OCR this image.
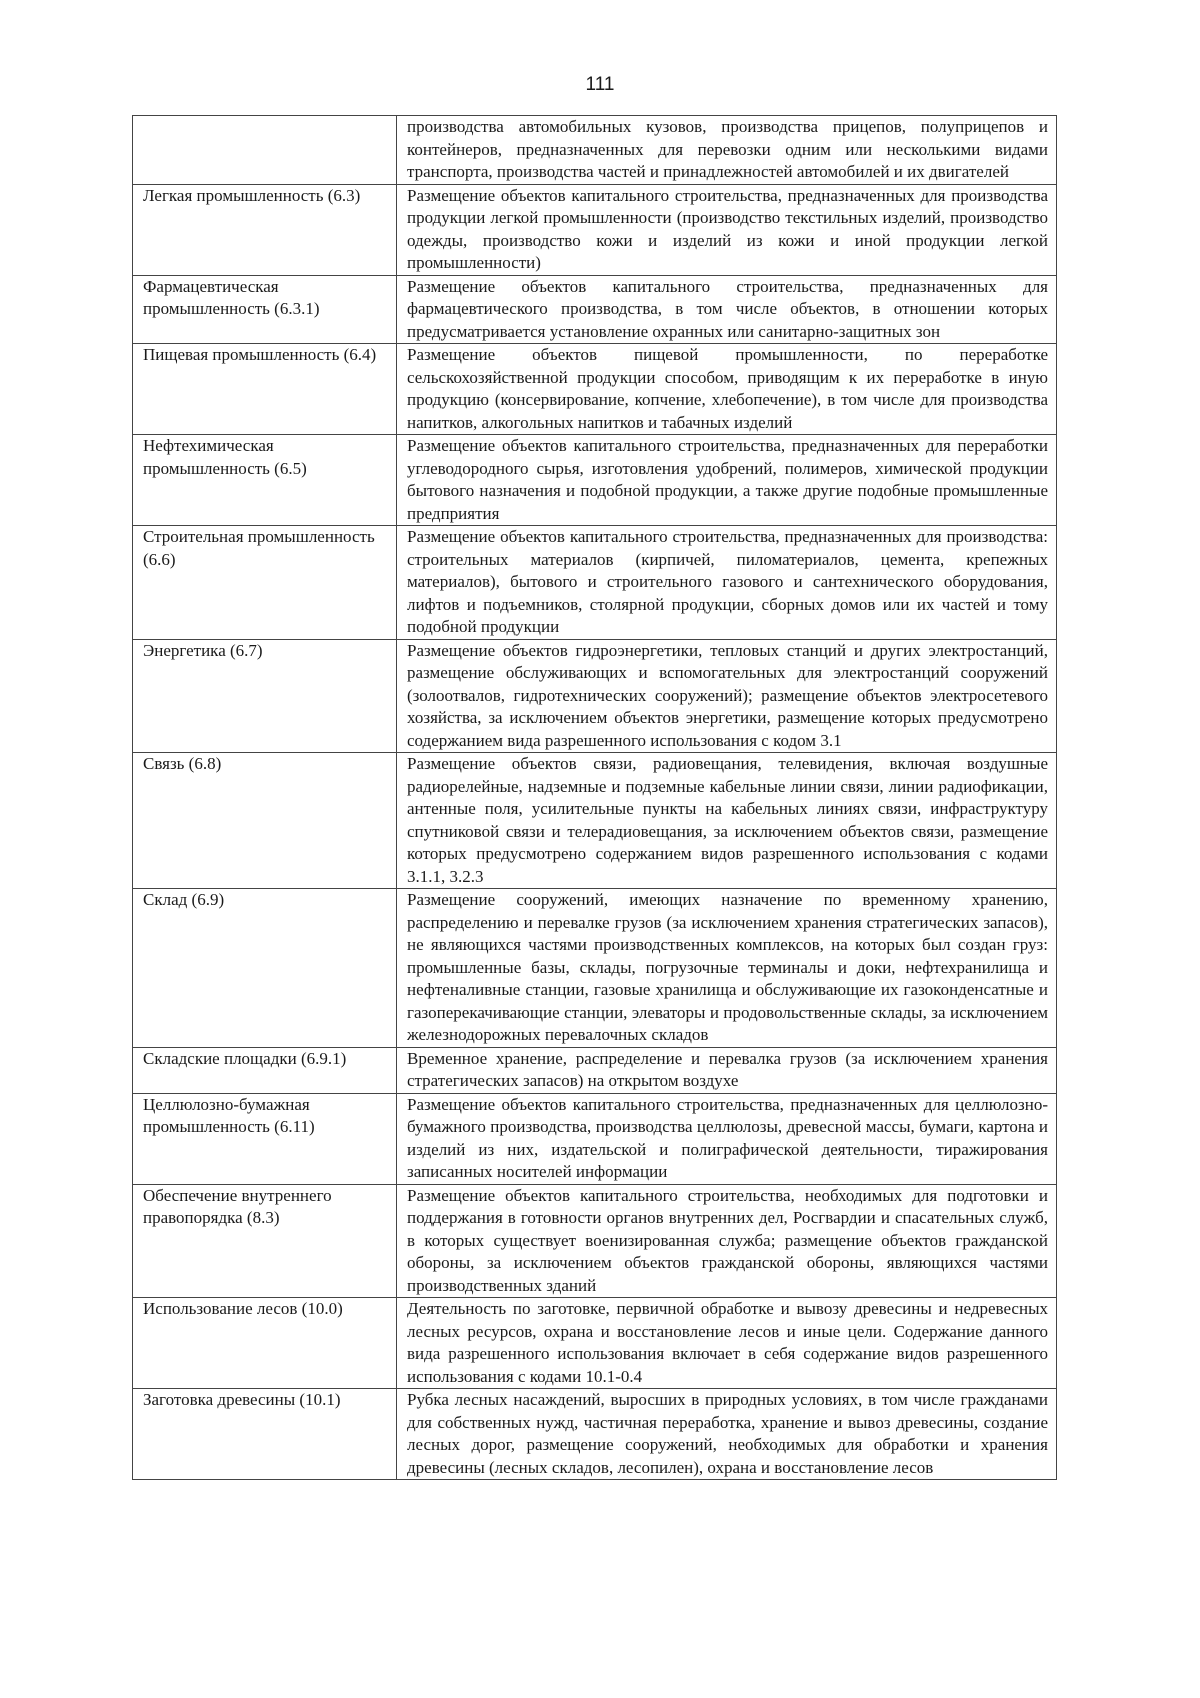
111
	производства автомобильных кузовов, производства прицепов, полуприцепов и контейнеров, предназначенных для перевозки одним или несколькими видами транспорта, производства частей и принадлежностей автомобилей и их двигателей
Легкая промышленность (6.3)	Размещение объектов капитального строительства, предназначенных для производства продукции легкой промышленности (производство текстильных изделий, производство одежды, производство кожи и изделий из кожи и иной продукции легкой промышленности)
Фармацевтическая промышленность (6.3.1)	Размещение объектов капитального строительства, предназначенных для фармацевтического производства, в том числе объектов, в отношении которых предусматривается установление охранных или санитарно-защитных зон
Пищевая промышленность (6.4)	Размещение объектов пищевой промышленности, по переработке сельскохозяйственной продукции способом, приводящим к их переработке в иную продукцию (консервирование, копчение, хлебопечение), в том числе для производства напитков, алкогольных напитков и табачных изделий
Нефтехимическая промышленность (6.5)	Размещение объектов капитального строительства, предназначенных для переработки углеводородного сырья, изготовления удобрений, полимеров, химической продукции бытового назначения и подобной продукции, а также другие подобные промышленные предприятия
Строительная промышленность (6.6)	Размещение объектов капитального строительства, предназначенных для производства: строительных материалов (кирпичей, пиломатериалов, цемента, крепежных материалов), бытового и строительного газового и сантехнического оборудования, лифтов и подъемников, столярной продукции, сборных домов или их частей и тому подобной продукции
Энергетика (6.7)	Размещение объектов гидроэнергетики, тепловых станций и других электростанций, размещение обслуживающих и вспомогательных для электростанций сооружений (золоотвалов, гидротехнических сооружений); размещение объектов электросетевого хозяйства, за исключением объектов энергетики, размещение которых предусмотрено содержанием вида разрешенного использования с кодом 3.1
Связь (6.8)	Размещение объектов связи, радиовещания, телевидения, включая воздушные радиорелейные, надземные и подземные кабельные линии связи, линии радиофикации, антенные поля, усилительные пункты на кабельных линиях связи, инфраструктуру спутниковой связи и телерадиовещания, за исключением объектов связи, размещение которых предусмотрено содержанием видов разрешенного использования с кодами 3.1.1, 3.2.3
Склад (6.9)	Размещение сооружений, имеющих назначение по временному хранению, распределению и перевалке грузов (за исключением хранения стратегических запасов), не являющихся частями производственных комплексов, на которых был создан груз: промышленные базы, склады, погрузочные терминалы и доки, нефтехранилища и нефтеналивные станции, газовые хранилища и обслуживающие их газоконденсатные и газоперекачивающие станции, элеваторы и продовольственные склады, за исключением железнодорожных перевалочных складов
Складские площадки (6.9.1)	Временное хранение, распределение и перевалка грузов (за исключением хранения стратегических запасов) на открытом воздухе
Целлюлозно-бумажная промышленность (6.11)	Размещение объектов капитального строительства, предназначенных для целлюлозно-бумажного производства, производства целлюлозы, древесной массы, бумаги, картона и изделий из них, издательской и полиграфической деятельности, тиражирования записанных носителей информации
Обеспечение внутреннего правопорядка (8.3)	Размещение объектов капитального строительства, необходимых для подготовки и поддержания в готовности органов внутренних дел, Росгвардии и спасательных служб, в которых существует военизированная служба; размещение объектов гражданской обороны, за исключением объектов гражданской обороны, являющихся частями производственных зданий
Использование лесов (10.0)	Деятельность по заготовке, первичной обработке и вывозу древесины и недревесных лесных ресурсов, охрана и восстановление лесов и иные цели. Содержание данного вида разрешенного использования включает в себя содержание видов разрешенного использования с кодами 10.1-0.4
Заготовка древесины (10.1)	Рубка лесных насаждений, выросших в природных условиях, в том числе гражданами для собственных нужд, частичная переработка, хранение и вывоз древесины, создание лесных дорог, размещение сооружений, необходимых для обработки и хранения древесины (лесных складов, лесопилен), охрана и восстановление лесов
